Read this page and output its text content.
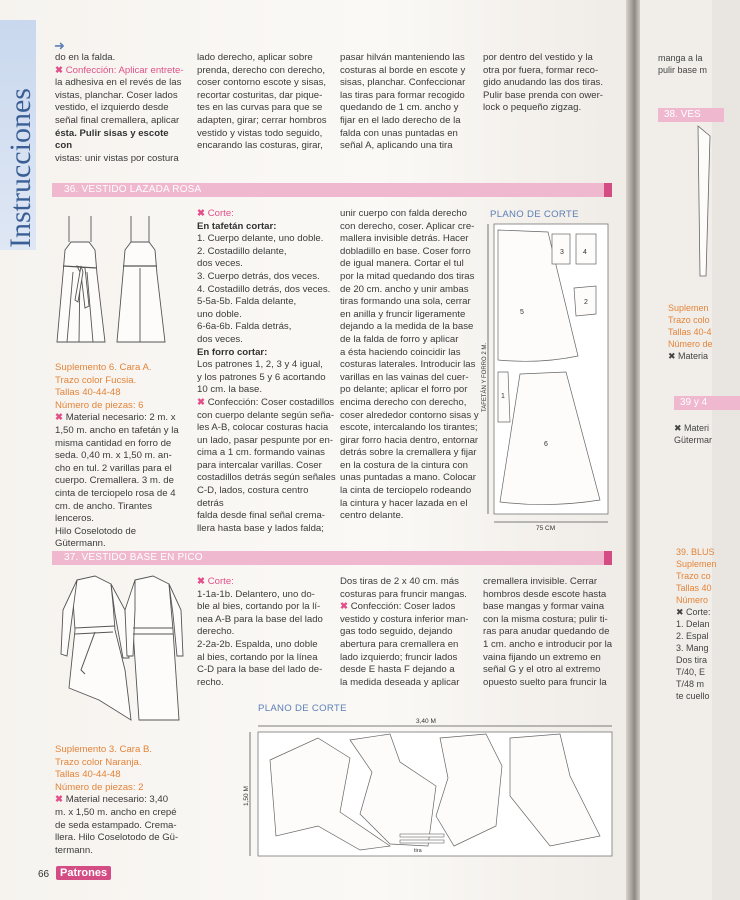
Instrucciones
➜

do en la falda.

✖ Confección: Aplicar entrete-

la adhesiva en el revés de las

vistas, planchar. Coser lados

vestido, el izquierdo desde

señal final cremallera, aplicar

ésta. Pulir sisas y escote con

vistas: unir vistas por costura

lado derecho, aplicar sobre

prenda, derecho con derecho,

coser contorno escote y sisas,

recortar costuritas, dar pique-

tes en las curvas para que se

adapten, girar; cerrar hombros

vestido y vistas todo seguido,

encarando las costuras, girar,

pasar hilván manteniendo las

costuras al borde en escote y

sisas, planchar. Confeccionar

las tiras para formar recogido

quedando de 1 cm. ancho y

fijar en el lado derecho de la

falda con unas puntadas en

señal A, aplicando una tira

por dentro del vestido y la

otra por fuera, formar reco-

gido anudando las dos tiras.

Pulir base prenda con ower-

lock o pequeño zigzag.

36. VESTIDO LAZADA ROSA

Suplemento 6. Cara A.

Trazo color Fucsia.

Tallas 40-44-48

Número de piezas: 6

✖ Material necesario: 2 m. x

1,50 m. ancho en tafetán y la

misma cantidad en forro de

seda. 0,40 m. x 1,50 m. an-

cho en tul. 2 varillas para el

cuerpo. Cremallera. 3 m. de

cinta de terciopelo rosa de 4

cm. de ancho. Tirantes lenceros.

Hilo Coselotodo de Gütermann.

✖ Corte:

En tafetán cortar:

1. Cuerpo delante, uno doble.

2. Costadillo delante,

dos veces.

3. Cuerpo detrás, dos veces.

4. Costadillo detrás, dos veces.

5-5a-5b. Falda delante,

uno doble.

6-6a-6b. Falda detrás,

dos veces.

En forro cortar:

Los patrones 1, 2, 3 y 4 igual,

y los patrones 5 y 6 acortando

10 cm. la base.

✖ Confección: Coser costadillos

con cuerpo delante según seña-

les A-B, colocar costuras hacia

un lado, pasar pespunte por en-

cima a 1 cm. formando vainas

para intercalar varillas. Coser

costadillos detrás según señales

C-D, lados, costura centro detrás

falda desde final señal crema-

llera hasta base y lados falda;

unir cuerpo con falda derecho

con derecho, coser. Aplicar cre-

mallera invisible detrás. Hacer

dobladillo en base. Coser forro

de igual manera. Cortar el tul

por la mitad quedando dos tiras

de 20 cm. ancho y unir ambas

tiras formando una sola, cerrar

en anilla y fruncir ligeramente

dejando a la medida de la base

de la falda de forro y aplicar

a ésta haciendo coincidir las

costuras laterales. Introducir las

varillas en las vainas del cuer-

po delante; aplicar el forro por

encima derecho con derecho,

coser alrededor contorno sisas y

escote, intercalando los tirantes;

girar forro hacia dentro, entornar

detrás sobre la cremallera y fijar

en la costura de la cintura con

unas puntadas a mano. Colocar

la cinta de terciopelo rodeando

la cintura y hacer lazada en el

centro delante.

PLANO DE CORTE
3	4
2
5
1
6
TAFETÁN Y FORRO 2 M.
75 CM
37. VESTIDO BASE EN PICO

Suplemento 3. Cara B.

Trazo color Naranja.

Tallas 40-44-48

Número de piezas: 2

✖ Material necesario: 3,40

m. x 1,50 m. ancho en crepé

de seda estampado. Crema-

llera. Hilo Coselotodo de Gü-

termann.

✖ Corte:

1-1a-1b. Delantero, uno do-

ble al bies, cortando por la lí-

nea A-B para la base del lado

derecho.

2-2a-2b. Espalda, uno doble

al bies, cortando por la línea

C-D para la base del lado de-

recho.

Dos tiras de 2 x 40 cm. más

costuras para fruncir mangas.

✖ Confección: Coser lados

vestido y costura inferior man-

gas todo seguido, dejando

abertura para cremallera en

lado izquierdo; fruncir lados

desde E hasta F dejando a

la medida deseada y aplicar

cremallera invisible. Cerrar

hombros desde escote hasta

base mangas y formar vaina

con la misma costura; pulir ti-

ras para anudar quedando de

1 cm. ancho e introducir por la

vaina fijando un extremo en

señal G y el otro al extremo

opuesto suelto para fruncir la

PLANO DE CORTE
3,40 M
1,50 M
tira
66 Patrones
manga a la
pulir base m
38. VES
Suplemen
Trazo colo
Tallas 40-4
Número de
✖ Materia
39 y 4
✖ Materi
Gütermar
39. BLUS
Suplemen
Trazo co
Tallas 40
Número
✖ Corte:
1. Delan
2. Espal
3. Mang
Dos tira
T/40, E
T/48 m
te cuello
